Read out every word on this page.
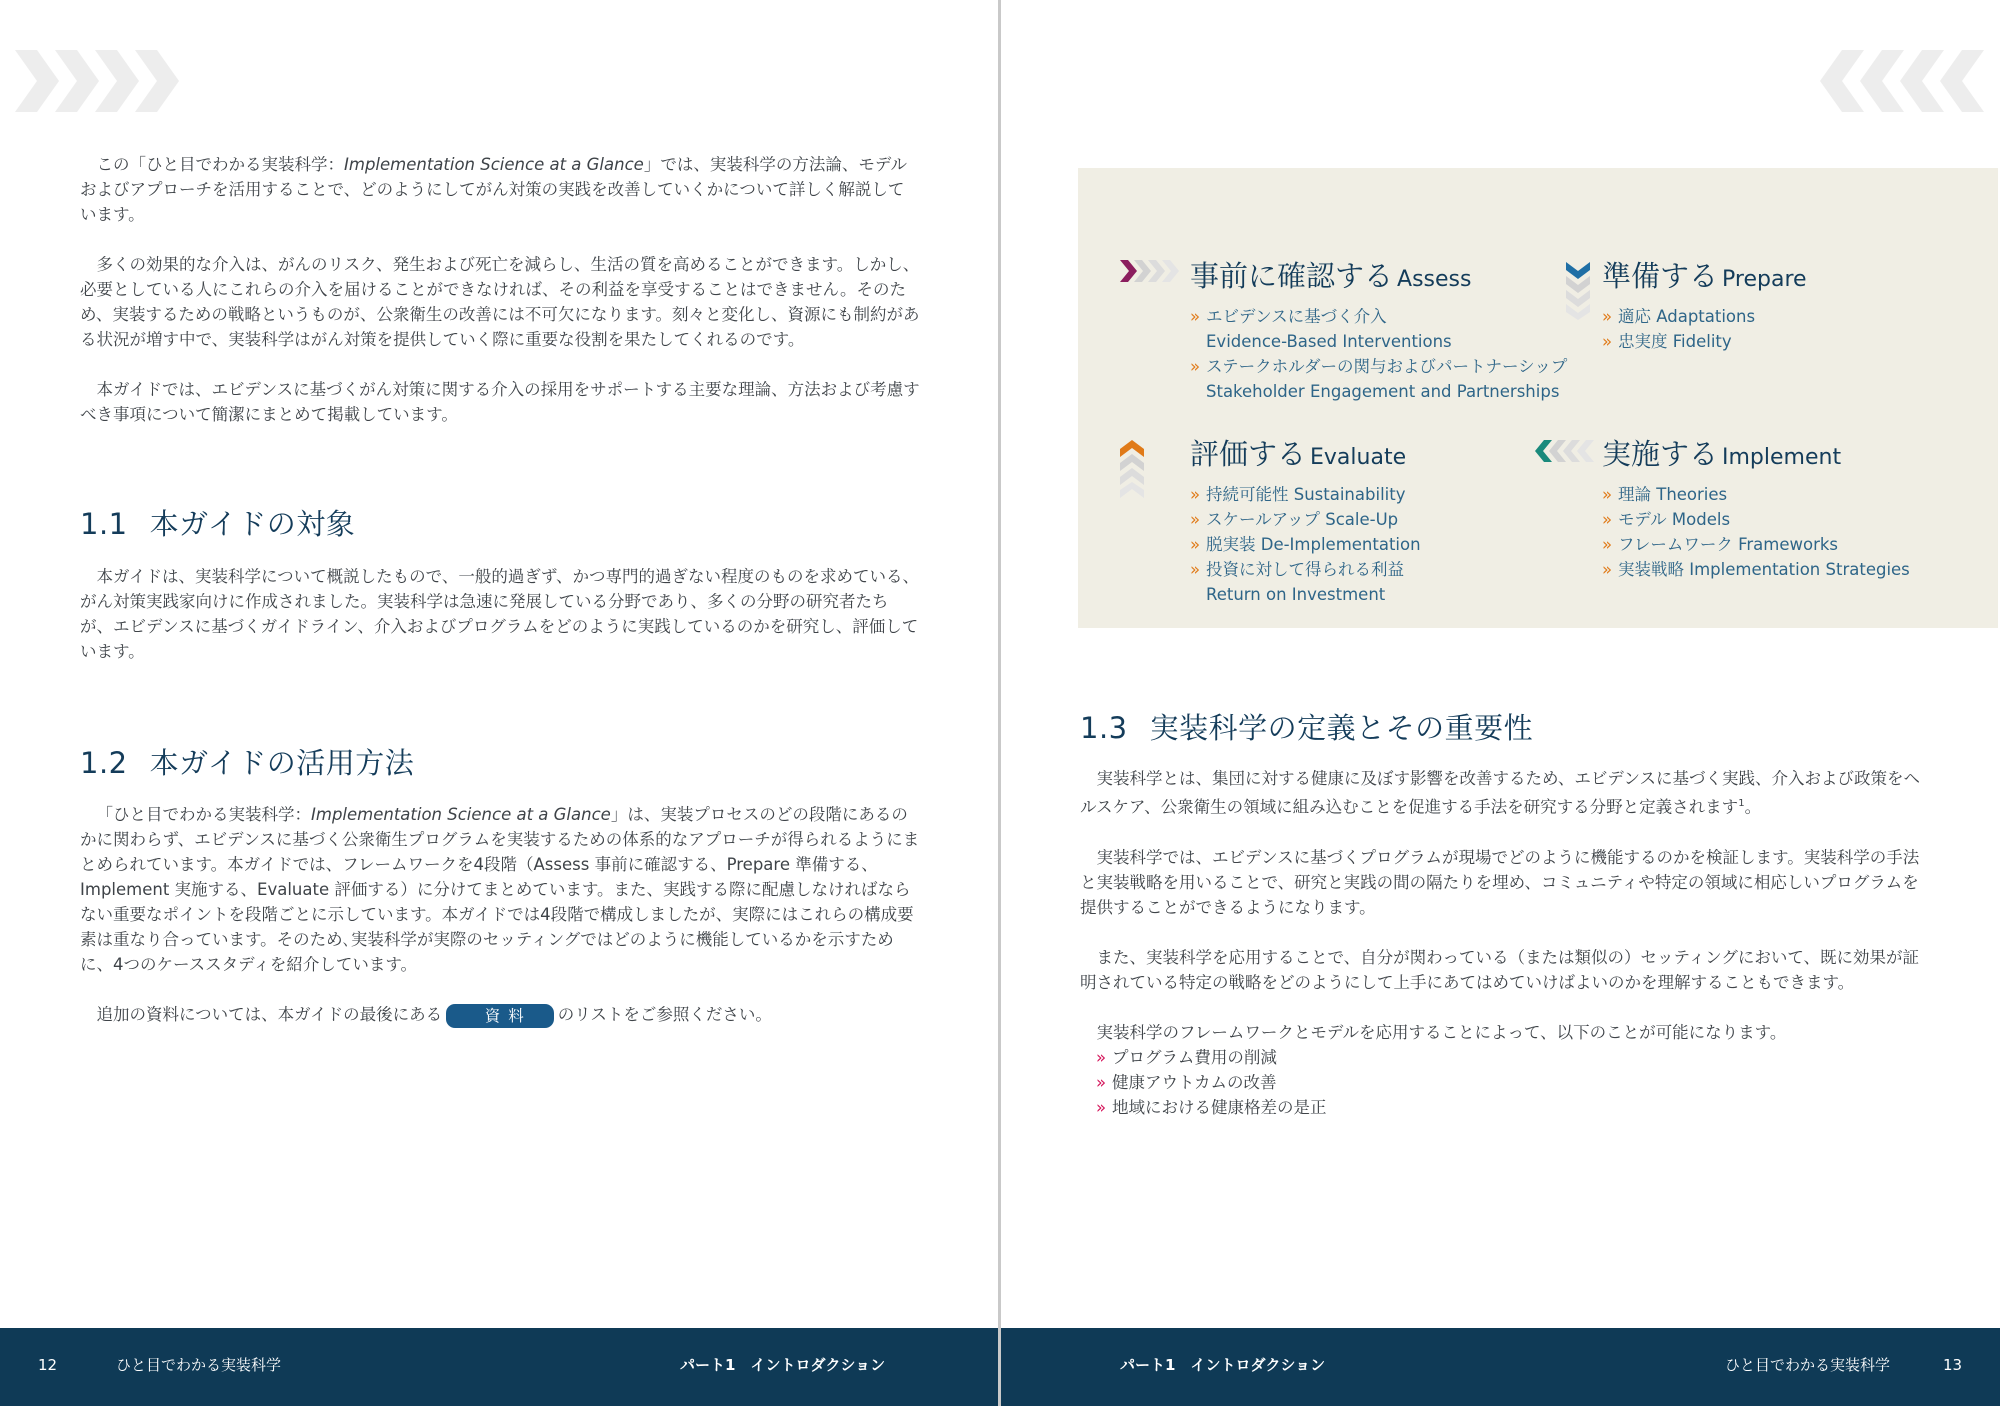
この「ひと目でわかる実装科学：Implementation Science at a Glance」では、実装科学の方法論、モデルおよびアプローチを活用することで、どのようにしてがん対策の実践を改善していくかについて詳しく解説しています。

多くの効果的な介入は、がんのリスク、発生および死亡を減らし、生活の質を高めることができます。しかし、必要としている人にこれらの介入を届けることができなければ、その利益を享受することはできません。そのため、実装するための戦略というものが、公衆衛生の改善には不可欠になります。刻々と変化し、資源にも制約がある状況が増す中で、実装科学はがん対策を提供していく際に重要な役割を果たしてくれるのです。

本ガイドでは、エビデンスに基づくがん対策に関する介入の採用をサポートする主要な理論、方法および考慮すべき事項について簡潔にまとめて掲載しています。

1.1 本ガイドの対象

本ガイドは、実装科学について概説したもので、一般的過ぎず、かつ専門的過ぎない程度のものを求めている、がん対策実践家向けに作成されました。実装科学は急速に発展している分野であり、多くの分野の研究者たちが、エビデンスに基づくガイドライン、介入およびプログラムをどのように実践しているのかを研究し、評価しています。

1.2 本ガイドの活用方法

「ひと目でわかる実装科学：Implementation Science at a Glance」は、実装プロセスのどの段階にあるのかに関わらず、エビデンスに基づく公衆衛生プログラムを実装するための体系的なアプローチが得られるようにまとめられています。本ガイドでは、フレームワークを4段階（Assess 事前に確認する、Prepare 準備する、Implement 実施する、Evaluate 評価する）に分けてまとめています。また、実践する際に配慮しなければならない重要なポイントを段階ごとに示しています。本ガイドでは4段階で構成しましたが、実際にはこれらの構成要素は重なり合っています。そのため､実装科学が実際のセッティングではどのように機能しているかを示すために、4つのケーススタディを紹介しています。

追加の資料については、本ガイドの最後にある	資料 のリストをご参照ください。

事前に確認する Assess
» エビデンスに基づく介入
Evidence-Based Interventions
» ステークホルダーの関与およびパートナーシップ
Stakeholder Engagement and Partnerships
準備する Prepare
» 適応 Adaptations
» 忠実度 Fidelity
評価する Evaluate
» 持続可能性 Sustainability
» スケールアップ Scale-Up
» 脱実装 De-Implementation
» 投資に対して得られる利益
Return on Investment
実施する Implement
» 理論 Theories
» モデル Models
» フレームワーク Frameworks
» 実装戦略 Implementation Strategies
1.3 実装科学の定義とその重要性

実装科学とは、集団に対する健康に及ぼす影響を改善するため、エビデンスに基づく実践、介入および政策をヘルスケア、公衆衛生の領域に組み込むことを促進する手法を研究する分野と定義されます$^1$。

実装科学では、エビデンスに基づくプログラムが現場でどのように機能するのかを検証します。実装科学の手法と実装戦略を用いることで、研究と実践の間の隔たりを埋め、コミュニティや特定の領域に相応しいプログラムを提供することができるようになります。

また、実装科学を応用することで、自分が関わっている（または類似の）セッティングにおいて、既に効果が証明されている特定の戦略をどのようにして上手にあてはめていけばよいのかを理解することもできます。

実装科学のフレームワークとモデルを応用することによって、以下のことが可能になります。

» プログラム費用の削減
» 健康アウトカムの改善
» 地域における健康格差の是正
12	ひと目でわかる実装科学	パート1　イントロダクション	パート1　イントロダクション	ひと目でわかる実装科学	13
